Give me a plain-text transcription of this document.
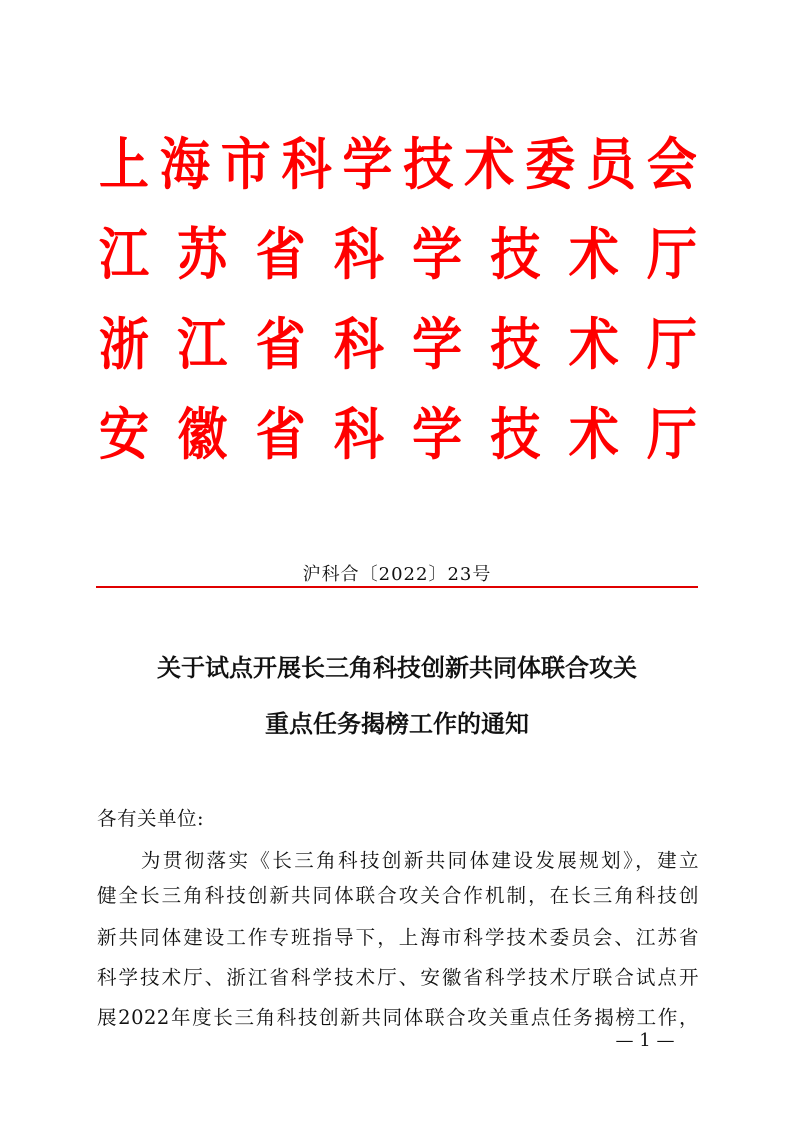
上 海 市 科 学 技 术 委 员 会
江 苏 省 科 学 技 术 厅
浙 江 省 科 学 技 术 厅
安 徽 省 科 学 技 术 厅
沪科合〔2022〕23号
关于试点开展长三角科技创新共同体联合攻关
重点任务揭榜工作的通知
各有关单位:
　　为贯彻落实《长三角科技创新共同体建设发展规划》，建立
健全长三角科技创新共同体联合攻关合作机制，在长三角科技创
新共同体建设工作专班指导下，上海市科学技术委员会、江苏省
科学技术厅、浙江省科学技术厅、安徽省科学技术厅联合试点开
展2022年度长三角科技创新共同体联合攻关重点任务揭榜工作，
— 1 —
